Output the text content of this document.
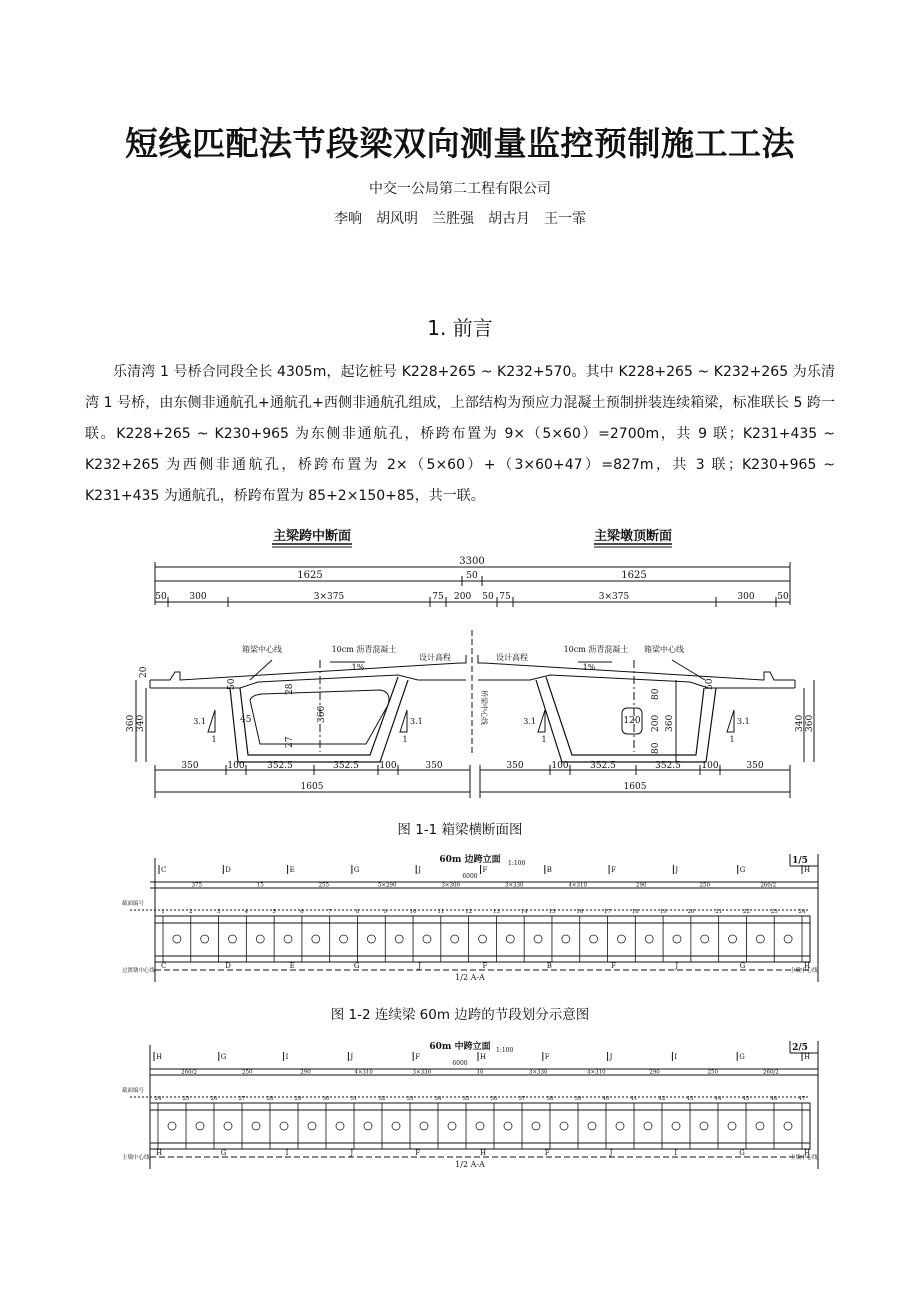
短线匹配法节段梁双向测量监控预制施工工法
中交一公局第二工程有限公司
李响　胡风明　兰胜强　胡古月　王一霏
1. 前言
乐清湾 1 号桥合同段全长 4305m，起讫桩号 K228+265 ~ K232+570。其中 K228+265 ~ K232+265 为乐清湾 1 号桥，由东侧非通航孔+通航孔+西侧非通航孔组成，上部结构为预应力混凝土预制拼装连续箱梁，标准联长 5 跨一联。K228+265 ~ K230+965 为东侧非通航孔，桥跨布置为 9×（5×60）=2700m，共 9 联；K231+435 ~ K232+265 为西侧非通航孔，桥跨布置为 2×（5×60）+（3×60+47）=827m，共 3 联；K230+965 ~ K231+435 为通航孔，桥跨布置为 85+2×150+85，共一联。
主梁跨中断面	主梁墩顶断面
3300
1625	50	1625
50	300	3×375	75 200	75
50	3×375	300	50
箱梁中心线	10cm 沥青混凝土
设计高程
1%
设计高程
10cm 沥青混凝土
1%
箱梁中心线
桥梁中心线
3.1
1
3.1
1
3.1
1
3.1
1
20
50	28
45	360
27
360 340
80
120	360
200
80
50
340 360
350	100	352.5	352.5 100	350	350	100 352.5	352.5 100	350
1605	1605
图 1-1 箱梁横断面图
60m 边跨立面 1:100	1/5
6000
1/2 A-A
截面编号
过渡墩中心线	主墩中心线
C
C
D
D
E
E
G
G
J
J
F
F
B
B
F
F
J
J
G
G
H
H
375	15	255	5×290	3×300	3×330	4×310	290	250	260/2
1	2	3	4	5	6	7	8	9	10	11	12	13	14	15	16	17	18	19	20	21	22	23	24
图 1-2 连续梁 60m 边跨的节段划分示意图
60m 中跨立面 1:100	2/5
6000
1/2 A-A
截面编号
主墩中心线	主墩中心线
H
H
G
G
I
I
J
J
F
F
H
H
F
F
J
J
I
I
G
G
H
H
260/2	250	290	4×310	3×330	10	3×330	4×310	290	250	260/2
24	25	26	27	28	29	30	31	32	33	34	35	36	37	38	39	40	41	42	43	44	45	46	47
